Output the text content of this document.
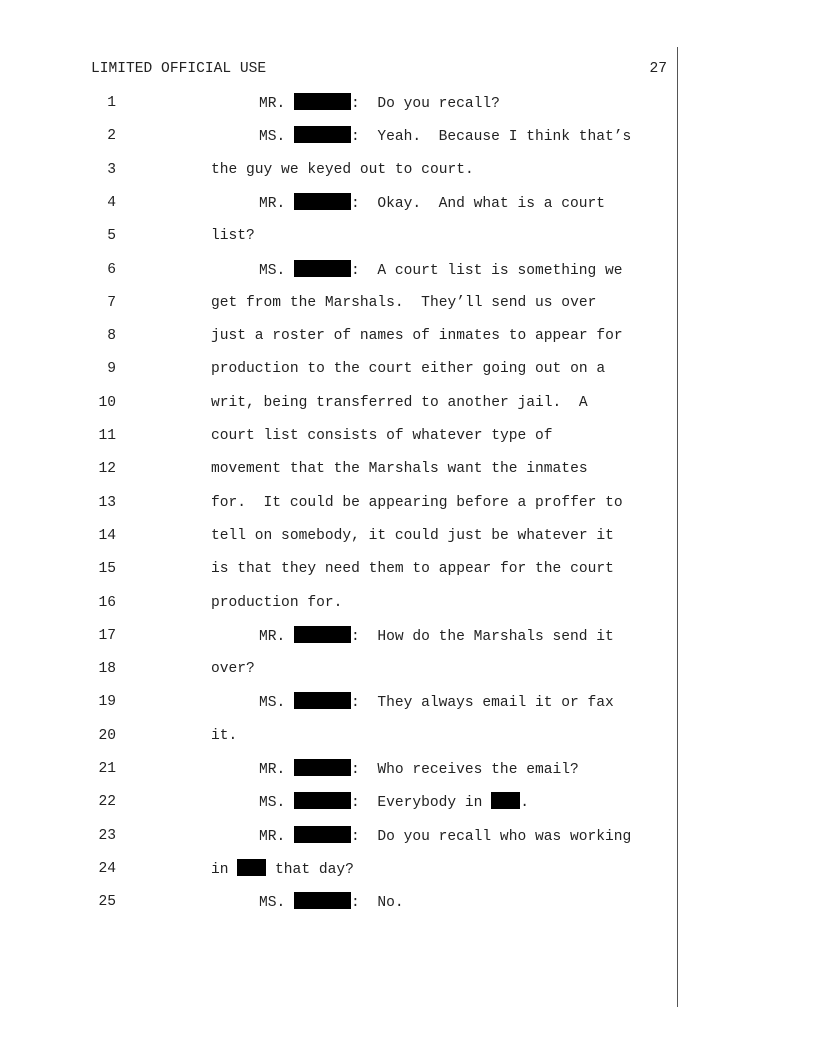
LIMITED OFFICIAL USE	27
1	MR.	:  Do you recall?
2	MS.	:  Yeah.  Because I think that’s
3	the guy we keyed out to court.
4	MR.	:  Okay.  And what is a court
5	list?
6	MS.	:  A court list is something we
7	get from the Marshals.  They’ll send us over
8	just a roster of names of inmates to appear for
9	production to the court either going out on a
10	writ, being transferred to another jail.  A
11	court list consists of whatever type of
12	movement that the Marshals want the inmates
13	for.  It could be appearing before a proffer to
14	tell on somebody, it could just be whatever it
15	is that they need them to appear for the court
16	production for.
17	MR.	:  How do the Marshals send it
18	over?
19	MS.	:  They always email it or fax
20	it.
21	MR.	:  Who receives the email?
22	MS.	:  Everybody in	.
23	MR.	:  Do you recall who was working
24	in	that day?
25	MS.	:  No.
